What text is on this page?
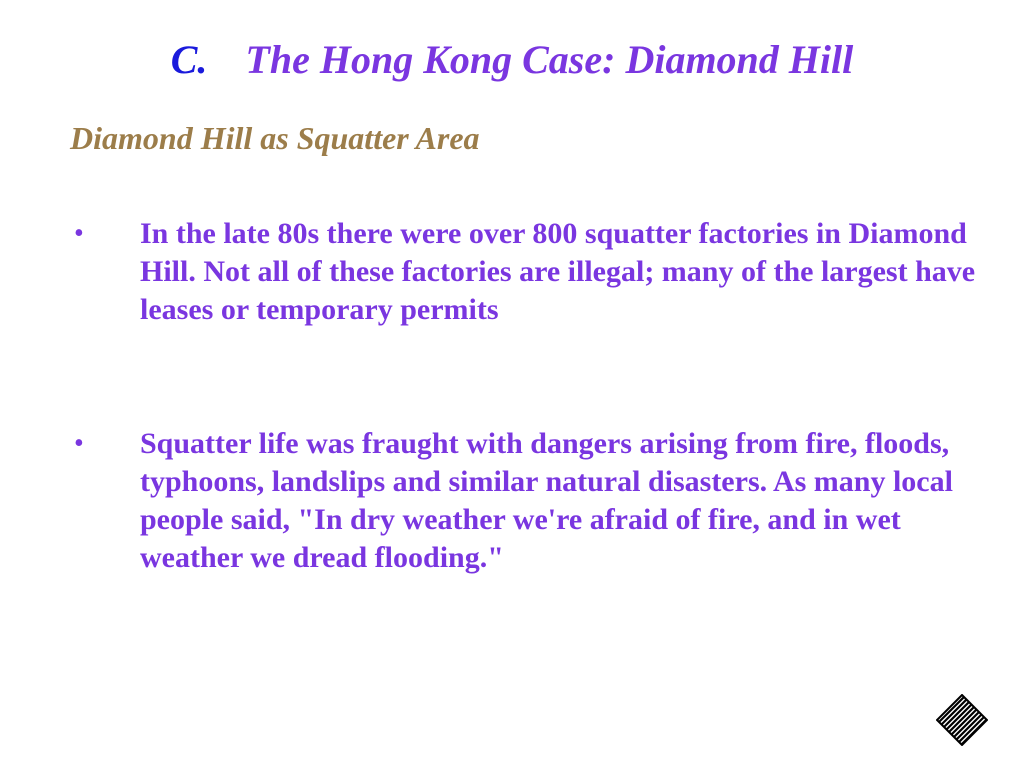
C. The Hong Kong Case: Diamond Hill
Diamond Hill as Squatter Area
• In the late 80s there were over 800 squatter factories in Diamond Hill. Not all of these factories are illegal; many of the largest have leases or temporary permits
• Squatter life was fraught with dangers arising from fire, floods, typhoons, landslips and similar natural disasters. As many local people said, "In dry weather we're afraid of fire, and in wet weather we dread flooding."
